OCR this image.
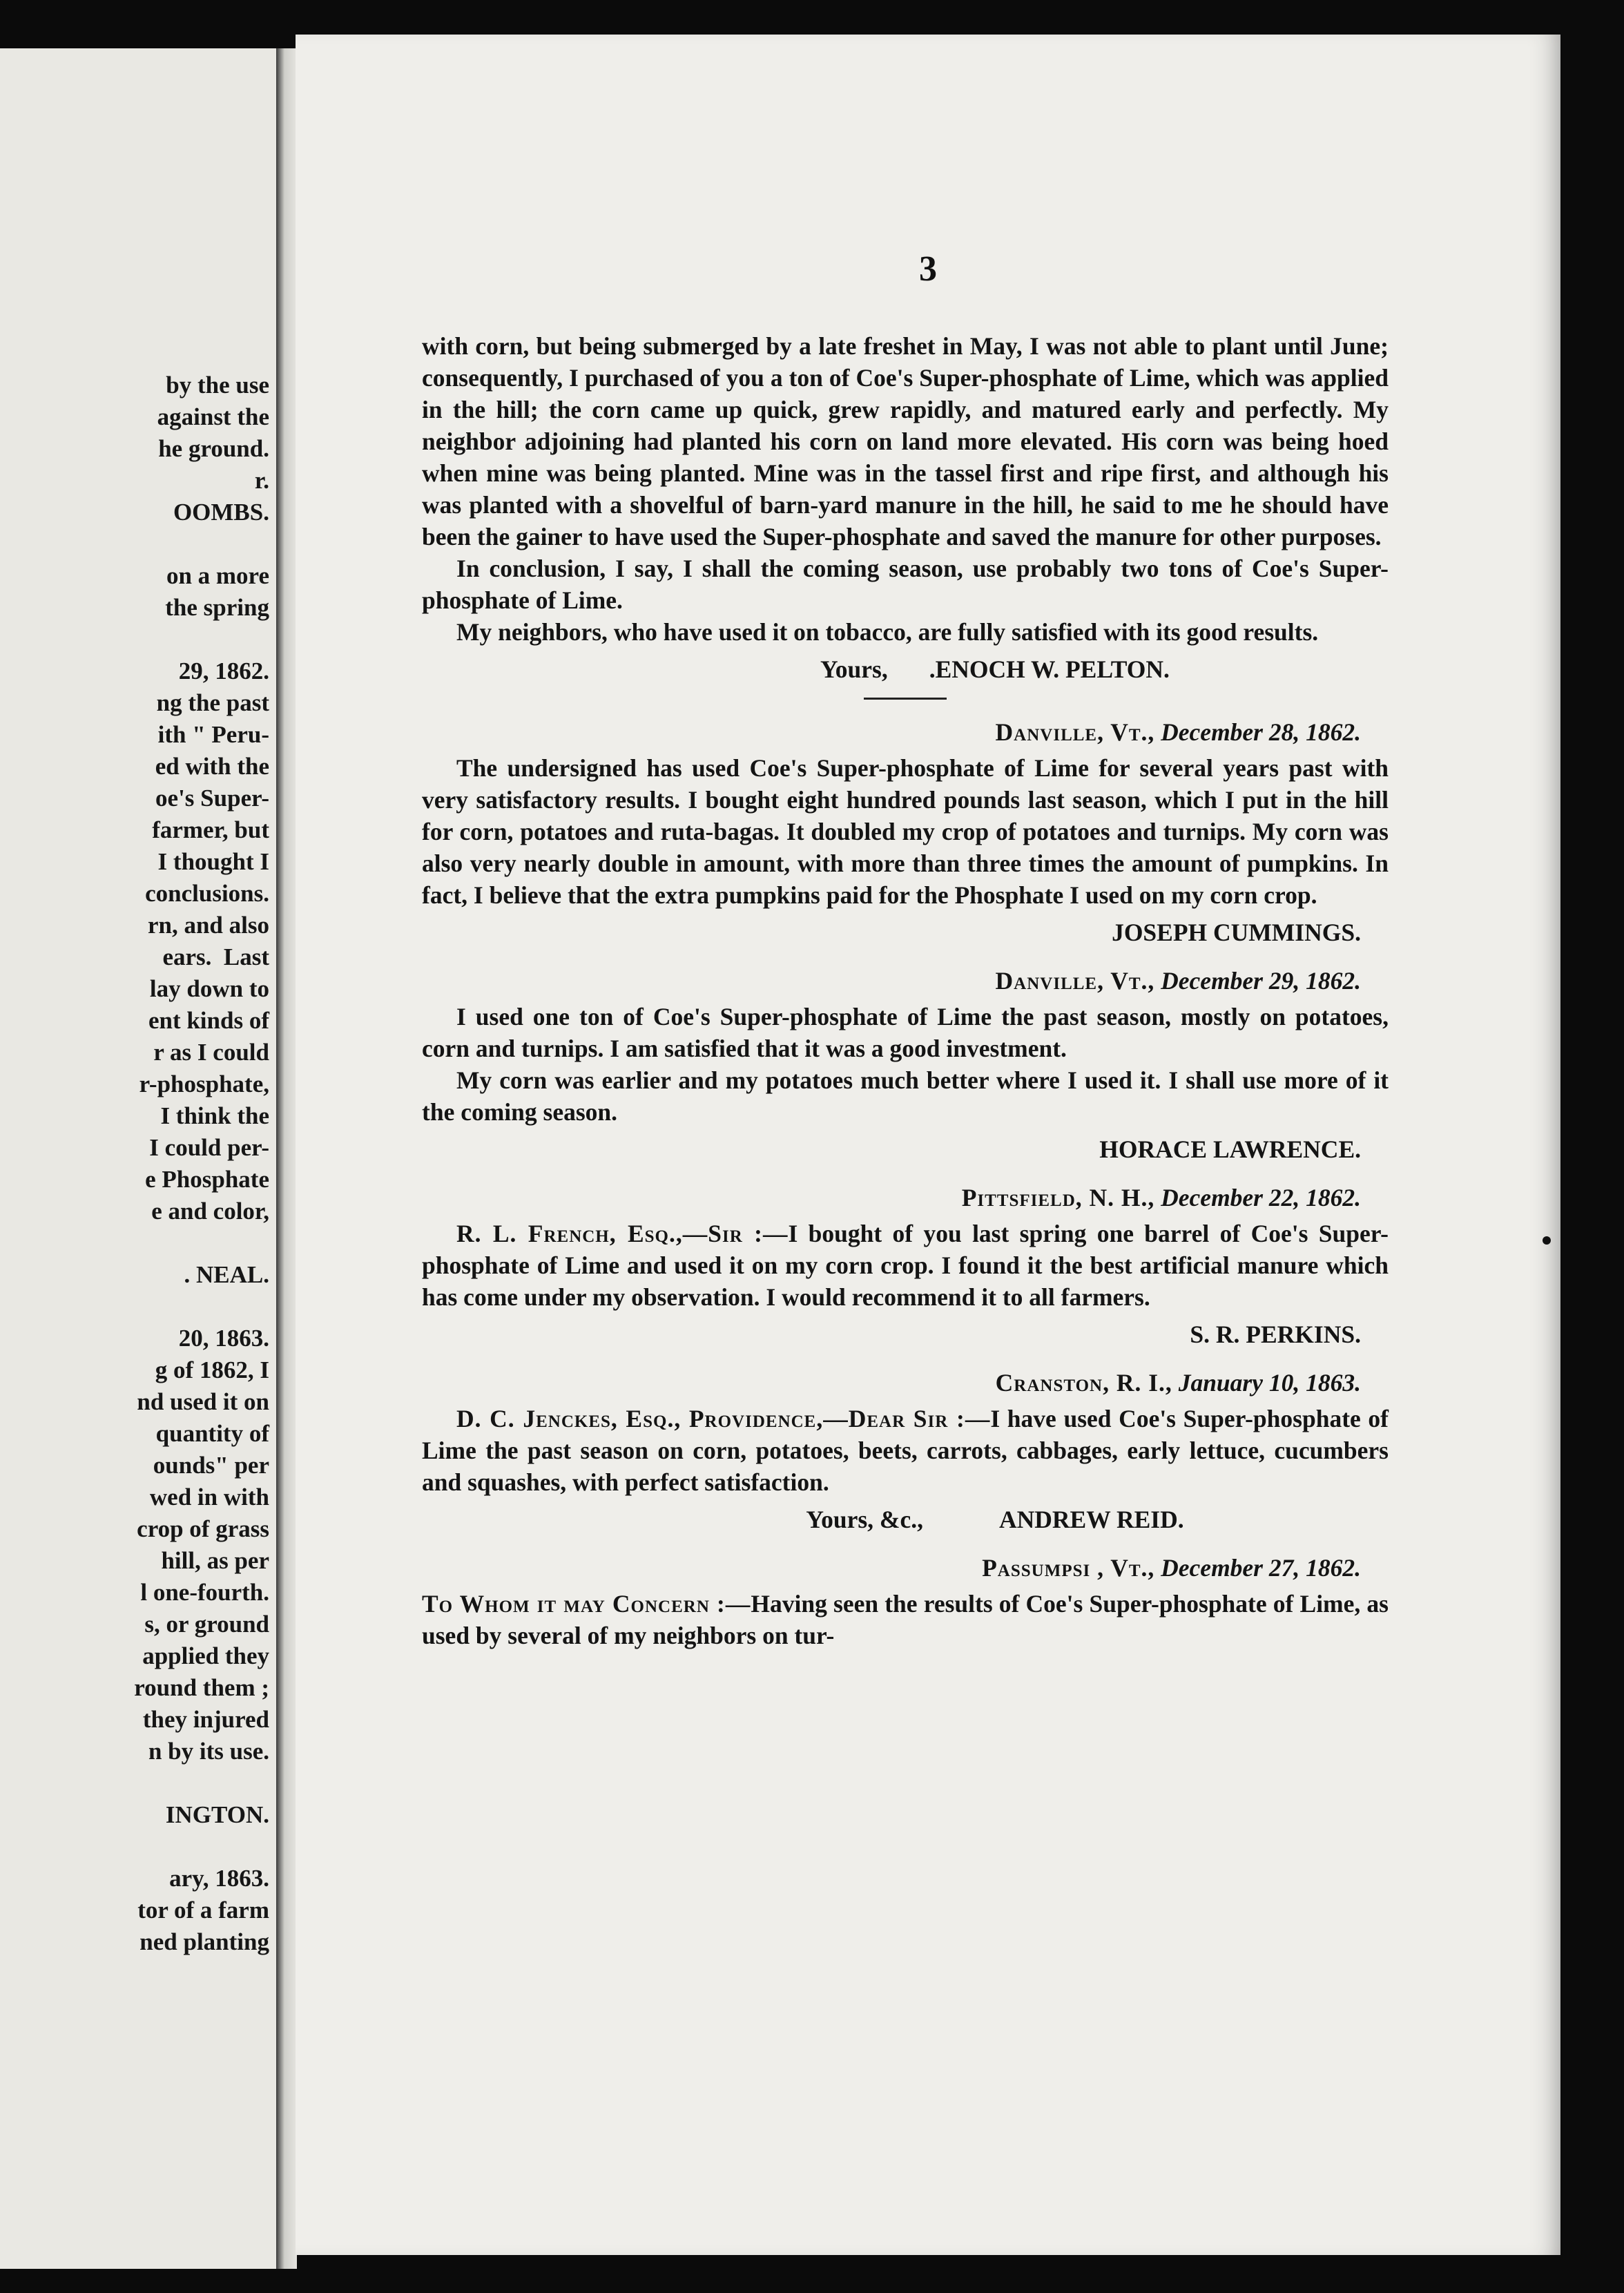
by the use
against the
he ground.
r.
OOMBS.
on a more
the spring
29, 1862.
ng the past
ith " Peru-
ed with the
oe's Super-
farmer, but
I thought I
conclusions.
rn, and also
ears.  Last
lay down to
ent kinds of
r as I could
r-phosphate,
I think the
I could per-
e Phosphate
e and color,
. NEAL.
20, 1863.
g of 1862, I
nd used it on
quantity of
ounds" per
wed in with
crop of grass
hill, as per
l one-fourth.
s, or ground
applied they
round them ;
they injured
n by its use.
INGTON.
ary, 1863.
tor of a farm
ned planting
3

with corn, but being submerged by a late freshet in May, I was not able to plant until June; consequently, I purchased of you a ton of Coe's Super-phosphate of Lime, which was applied in the hill; the corn came up quick, grew rapidly, and matured early and perfectly. My neighbor adjoining had planted his corn on land more elevated. His corn was being hoed when mine was being planted. Mine was in the tassel first and ripe first, and although his was planted with a shovelful of barn-yard manure in the hill, he said to me he should have been the gainer to have used the Super-phosphate and saved the manure for other purposes.

In conclusion, I say, I shall the coming season, use probably two tons of Coe's Super-phosphate of Lime.

My neighbors, who have used it on tobacco, are fully satisfied with its good results.

Yours, .ENOCH W. PELTON.
Danville, Vt., December 28, 1862.

The undersigned has used Coe's Super-phosphate of Lime for several years past with very satisfactory results. I bought eight hundred pounds last season, which I put in the hill for corn, potatoes and ruta-bagas. It doubled my crop of potatoes and turnips. My corn was also very nearly double in amount, with more than three times the amount of pumpkins. In fact, I believe that the extra pumpkins paid for the Phosphate I used on my corn crop.

JOSEPH CUMMINGS.
Danville, Vt., December 29, 1862.

I used one ton of Coe's Super-phosphate of Lime the past season, mostly on potatoes, corn and turnips. I am satisfied that it was a good investment.

My corn was earlier and my potatoes much better where I used it. I shall use more of it the coming season.

HORACE LAWRENCE.
Pittsfield, N. H., December 22, 1862.

R. L. French, Esq.,—Sir :—I bought of you last spring one barrel of Coe's Super-phosphate of Lime and used it on my corn crop. I found it the best artificial manure which has come under my observation. I would recommend it to all farmers.

S. R. PERKINS.
Cranston, R. I., January 10, 1863.

D. C. Jenckes, Esq., Providence,—Dear Sir :—I have used Coe's Super-phosphate of Lime the past season on corn, potatoes, beets, carrots, cabbages, early lettuce, cucumbers and squashes, with perfect satisfaction.

Yours, &c.,	ANDREW REID.
Passumpsi , Vt., December 27, 1862.

To Whom it may Concern :—Having seen the results of Coe's Super-phosphate of Lime, as used by several of my neighbors on tur-
